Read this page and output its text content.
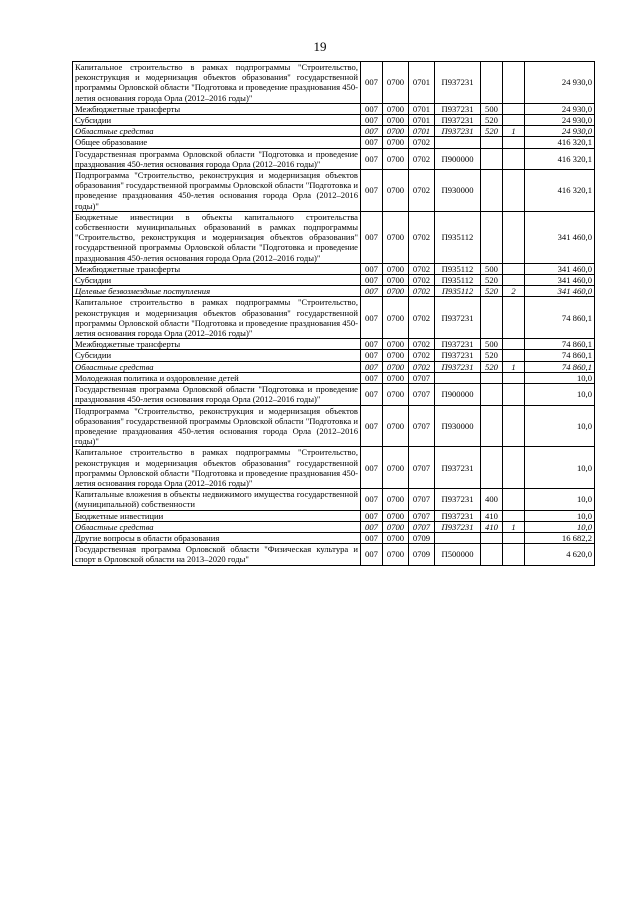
19
Капитальное строительство в рамках подпрограммы "Строительство, реконструкция и модернизация объектов образования" государственной программы Орловской области "Подготовка и проведение празднования 450-летия основания города Орла (2012–2016 годы)"	007	0700	0701	П937231			24 930,0
Межбюджетные трансферты	007	0700	0701	П937231	500		24 930,0
Субсидии	007	0700	0701	П937231	520		24 930,0
Областные средства	007	0700	0701	П937231	520	1	24 930,0
Общее образование	007	0700	0702				416 320,1
Государственная программа Орловской области "Подготовка и проведение празднования 450-летия основания города Орла (2012–2016 годы)"	007	0700	0702	П900000			416 320,1
Подпрограмма "Строительство, реконструкция и модернизация объектов образования" государственной программы Орловской области "Подготовка и проведение празднования 450-летия основания города Орла (2012–2016 годы)"	007	0700	0702	П930000			416 320,1
Бюджетные инвестиции в объекты капитального строительства собственности муниципальных образований в рамках подпрограммы "Строительство, реконструкция и модернизация объектов образования" государственной программы Орловской области "Подготовка и проведение празднования 450-летия основания города Орла (2012–2016 годы)"	007	0700	0702	П935112			341 460,0
Межбюджетные трансферты	007	0700	0702	П935112	500		341 460,0
Субсидии	007	0700	0702	П935112	520		341 460,0
Целевые безвозмездные поступления	007	0700	0702	П935112	520	2	341 460,0
Капитальное строительство в рамках подпрограммы "Строительство, реконструкция и модернизация объектов образования" государственной программы Орловской области "Подготовка и проведение празднования 450-летия основания города Орла (2012–2016 годы)"	007	0700	0702	П937231			74 860,1
Межбюджетные трансферты	007	0700	0702	П937231	500		74 860,1
Субсидии	007	0700	0702	П937231	520		74 860,1
Областные средства	007	0700	0702	П937231	520	1	74 860,1
Молодежная политика и оздоровление детей	007	0700	0707				10,0
Государственная программа Орловской области "Подготовка и проведение празднования 450-летия основания города Орла (2012–2016 годы)"	007	0700	0707	П900000			10,0
Подпрограмма "Строительство, реконструкция и модернизация объектов образования" государственной программы Орловской области "Подготовка и проведение празднования 450-летия основания города Орла (2012–2016 годы)"	007	0700	0707	П930000			10,0
Капитальное строительство в рамках подпрограммы "Строительство, реконструкция и модернизация объектов образования" государственной программы Орловской области "Подготовка и проведение празднования 450-летия основания города Орла (2012–2016 годы)"	007	0700	0707	П937231			10,0
Капитальные вложения в объекты недвижимого имущества государственной (муниципальной) собственности	007	0700	0707	П937231	400		10,0
Бюджетные инвестиции	007	0700	0707	П937231	410		10,0
Областные средства	007	0700	0707	П937231	410	1	10,0
Другие вопросы в области образования	007	0700	0709				16 682,2
Государственная программа Орловской области "Физическая культура и спорт в Орловской области на 2013–2020 годы"	007	0700	0709	П500000			4 620,0
